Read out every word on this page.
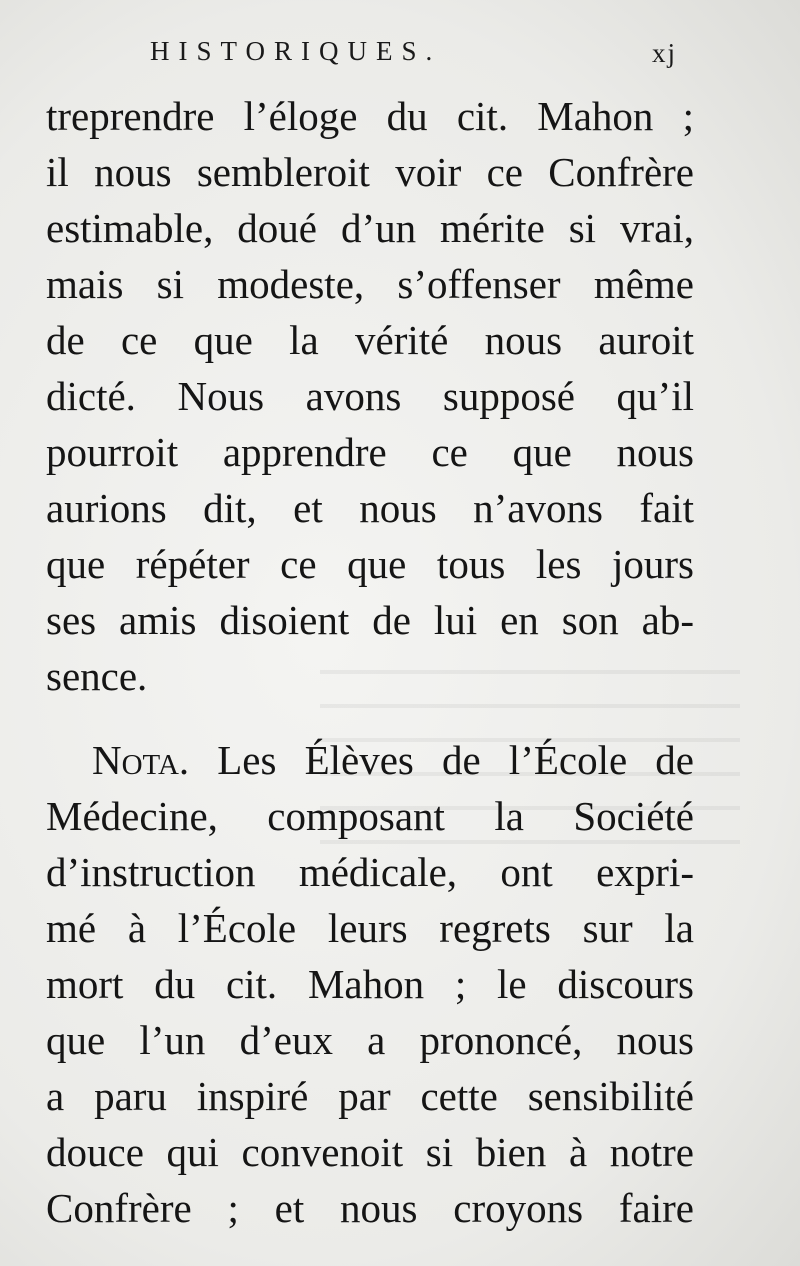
HISTORIQUES.	xj
treprendre l’éloge du cit. Mahon ;
il nous sembleroit voir ce Confrère
estimable, doué d’un mérite si vrai,
mais si modeste, s’offenser même
de ce que la vérité nous auroit
dicté. Nous avons supposé qu’il
pourroit apprendre ce que nous
aurions dit, et nous n’avons fait
que répéter ce que tous les jours
ses amis disoient de lui en son ab-
sence.
Nota. Les Élèves de l’École de
Médecine, composant la Société
d’instruction médicale, ont expri-
mé à l’École leurs regrets sur la
mort du cit. Mahon ; le discours
que l’un d’eux a prononcé, nous
a paru inspiré par cette sensibilité
douce qui convenoit si bien à notre
Confrère ; et nous croyons faire
